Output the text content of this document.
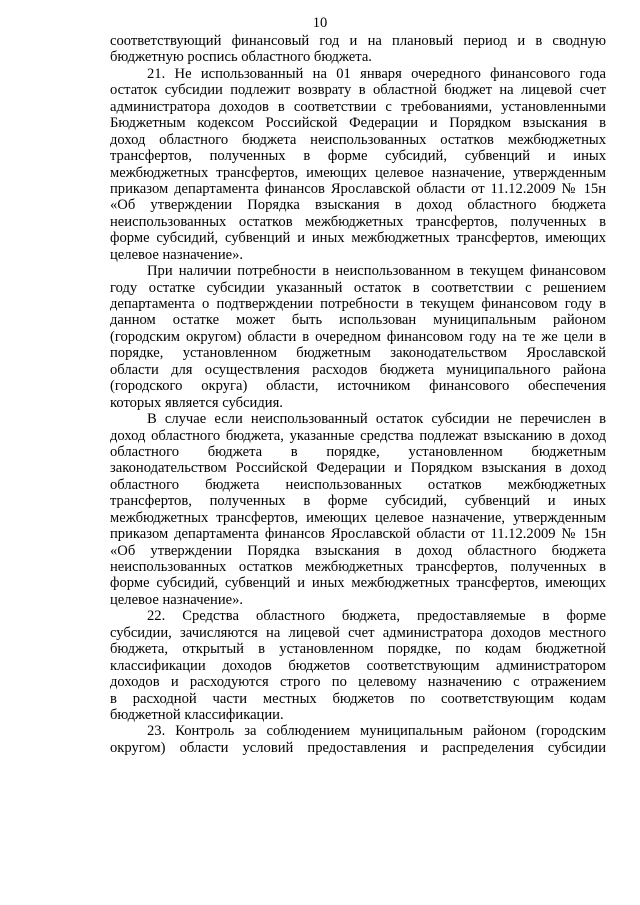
10
соответствующий финансовый год и на плановый период и в сводную
бюджетную роспись областного бюджета.
21. Не использованный на 01 января очередного финансового года
остаток субсидии подлежит возврату в областной бюджет на лицевой счет
администратора доходов в соответствии с требованиями, установленными
Бюджетным кодексом Российской Федерации и Порядком взыскания в
доход областного бюджета неиспользованных остатков межбюджетных
трансфертов, полученных в форме субсидий, субвенций и иных
межбюджетных трансфертов, имеющих целевое назначение, утвержденным
приказом департамента финансов Ярославской области от 11.12.2009 № 15н
«Об утверждении Порядка взыскания в доход областного бюджета
неиспользованных остатков межбюджетных трансфертов, полученных в
форме субсидий, субвенций и иных межбюджетных трансфертов, имеющих
целевое назначение».
При наличии потребности в неиспользованном в текущем финансовом
году остатке субсидии указанный остаток в соответствии с решением
департамента о подтверждении потребности в текущем финансовом году в
данном остатке может быть использован муниципальным районом
(городским округом) области в очередном финансовом году на те же цели в
порядке, установленном бюджетным законодательством Ярославской
области для осуществления расходов бюджета муниципального района
(городского округа) области, источником финансового обеспечения
которых является субсидия.
В случае если неиспользованный остаток субсидии не перечислен в
доход областного бюджета, указанные средства подлежат взысканию в доход
областного бюджета в порядке, установленном бюджетным
законодательством Российской Федерации и Порядком взыскания в доход
областного бюджета неиспользованных остатков межбюджетных
трансфертов, полученных в форме субсидий, субвенций и иных
межбюджетных трансфертов, имеющих целевое назначение, утвержденным
приказом департамента финансов Ярославской области от 11.12.2009 № 15н
«Об утверждении Порядка взыскания в доход областного бюджета
неиспользованных остатков межбюджетных трансфертов, полученных в
форме субсидий, субвенций и иных межбюджетных трансфертов, имеющих
целевое назначение».
22. Средства областного бюджета, предоставляемые в форме
субсидии, зачисляются на лицевой счет администратора доходов местного
бюджета, открытый в установленном порядке, по кодам бюджетной
классификации доходов бюджетов соответствующим администратором
доходов и расходуются строго по целевому назначению с отражением
в расходной части местных бюджетов по соответствующим кодам
бюджетной классификации.
23. Контроль за соблюдением муниципальным районом (городским
округом) области условий предоставления и распределения субсидии
